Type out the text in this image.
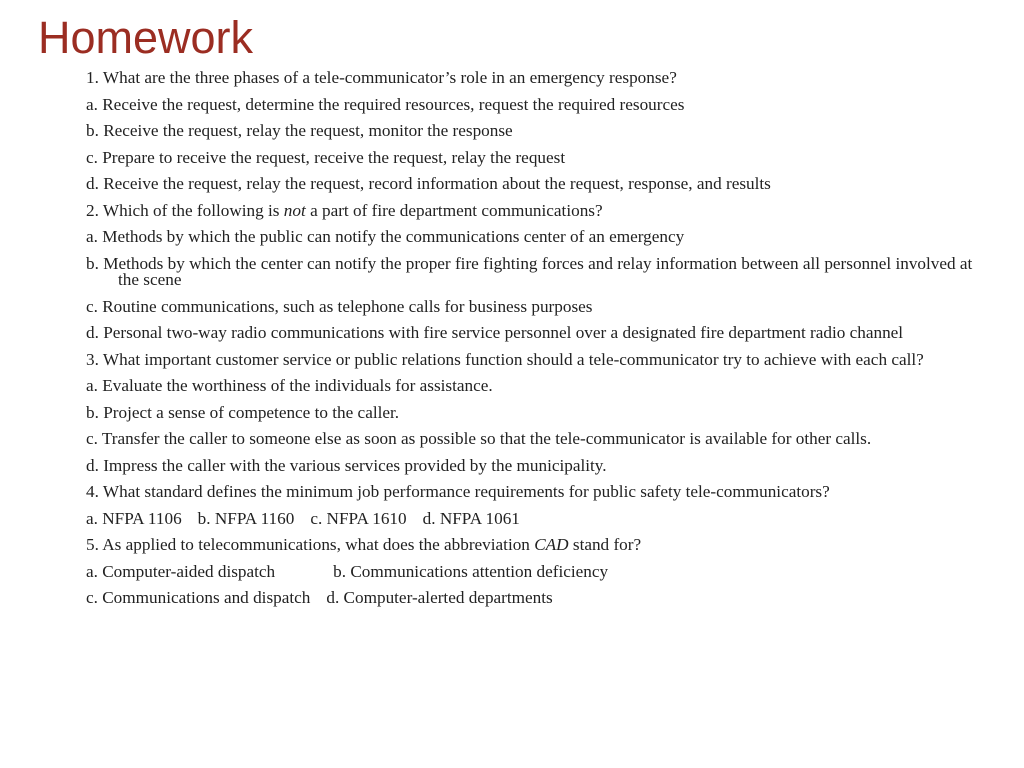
Homework
1. What are the three phases of a tele-communicator’s role in an emergency response?
a. Receive the request, determine the required resources, request the required resources
b. Receive the request, relay the request, monitor the response
c. Prepare to receive the request, receive the request, relay the request
d. Receive the request, relay the request, record information about the request, response, and results
2. Which of the following is not a part of fire department communications?
a. Methods by which the public can notify the communications center of an emergency
b. Methods by which the center can notify the proper fire fighting forces and relay information between all personnel involved at the scene
c. Routine communications, such as telephone calls for business purposes
d. Personal two-way radio communications with fire service personnel over a designated fire department radio channel
3. What important customer service or public relations function should a tele-communicator try to achieve with each call?
a. Evaluate the worthiness of the individuals for assistance.
b. Project a sense of competence to the caller.
c. Transfer the caller to someone else as soon as possible so that the tele-communicator is available for other calls.
d. Impress the caller with the various services provided by the municipality.
4. What standard defines the minimum job performance requirements for public safety tele-communicators?
a. NFPA 1106 b. NFPA 1160 c. NFPA 1610 d. NFPA 1061
5. As applied to telecommunications, what does the abbreviation CAD stand for?
a. Computer-aided dispatch	b. Communications attention deficiency
c. Communications and dispatch d. Computer-alerted departments
